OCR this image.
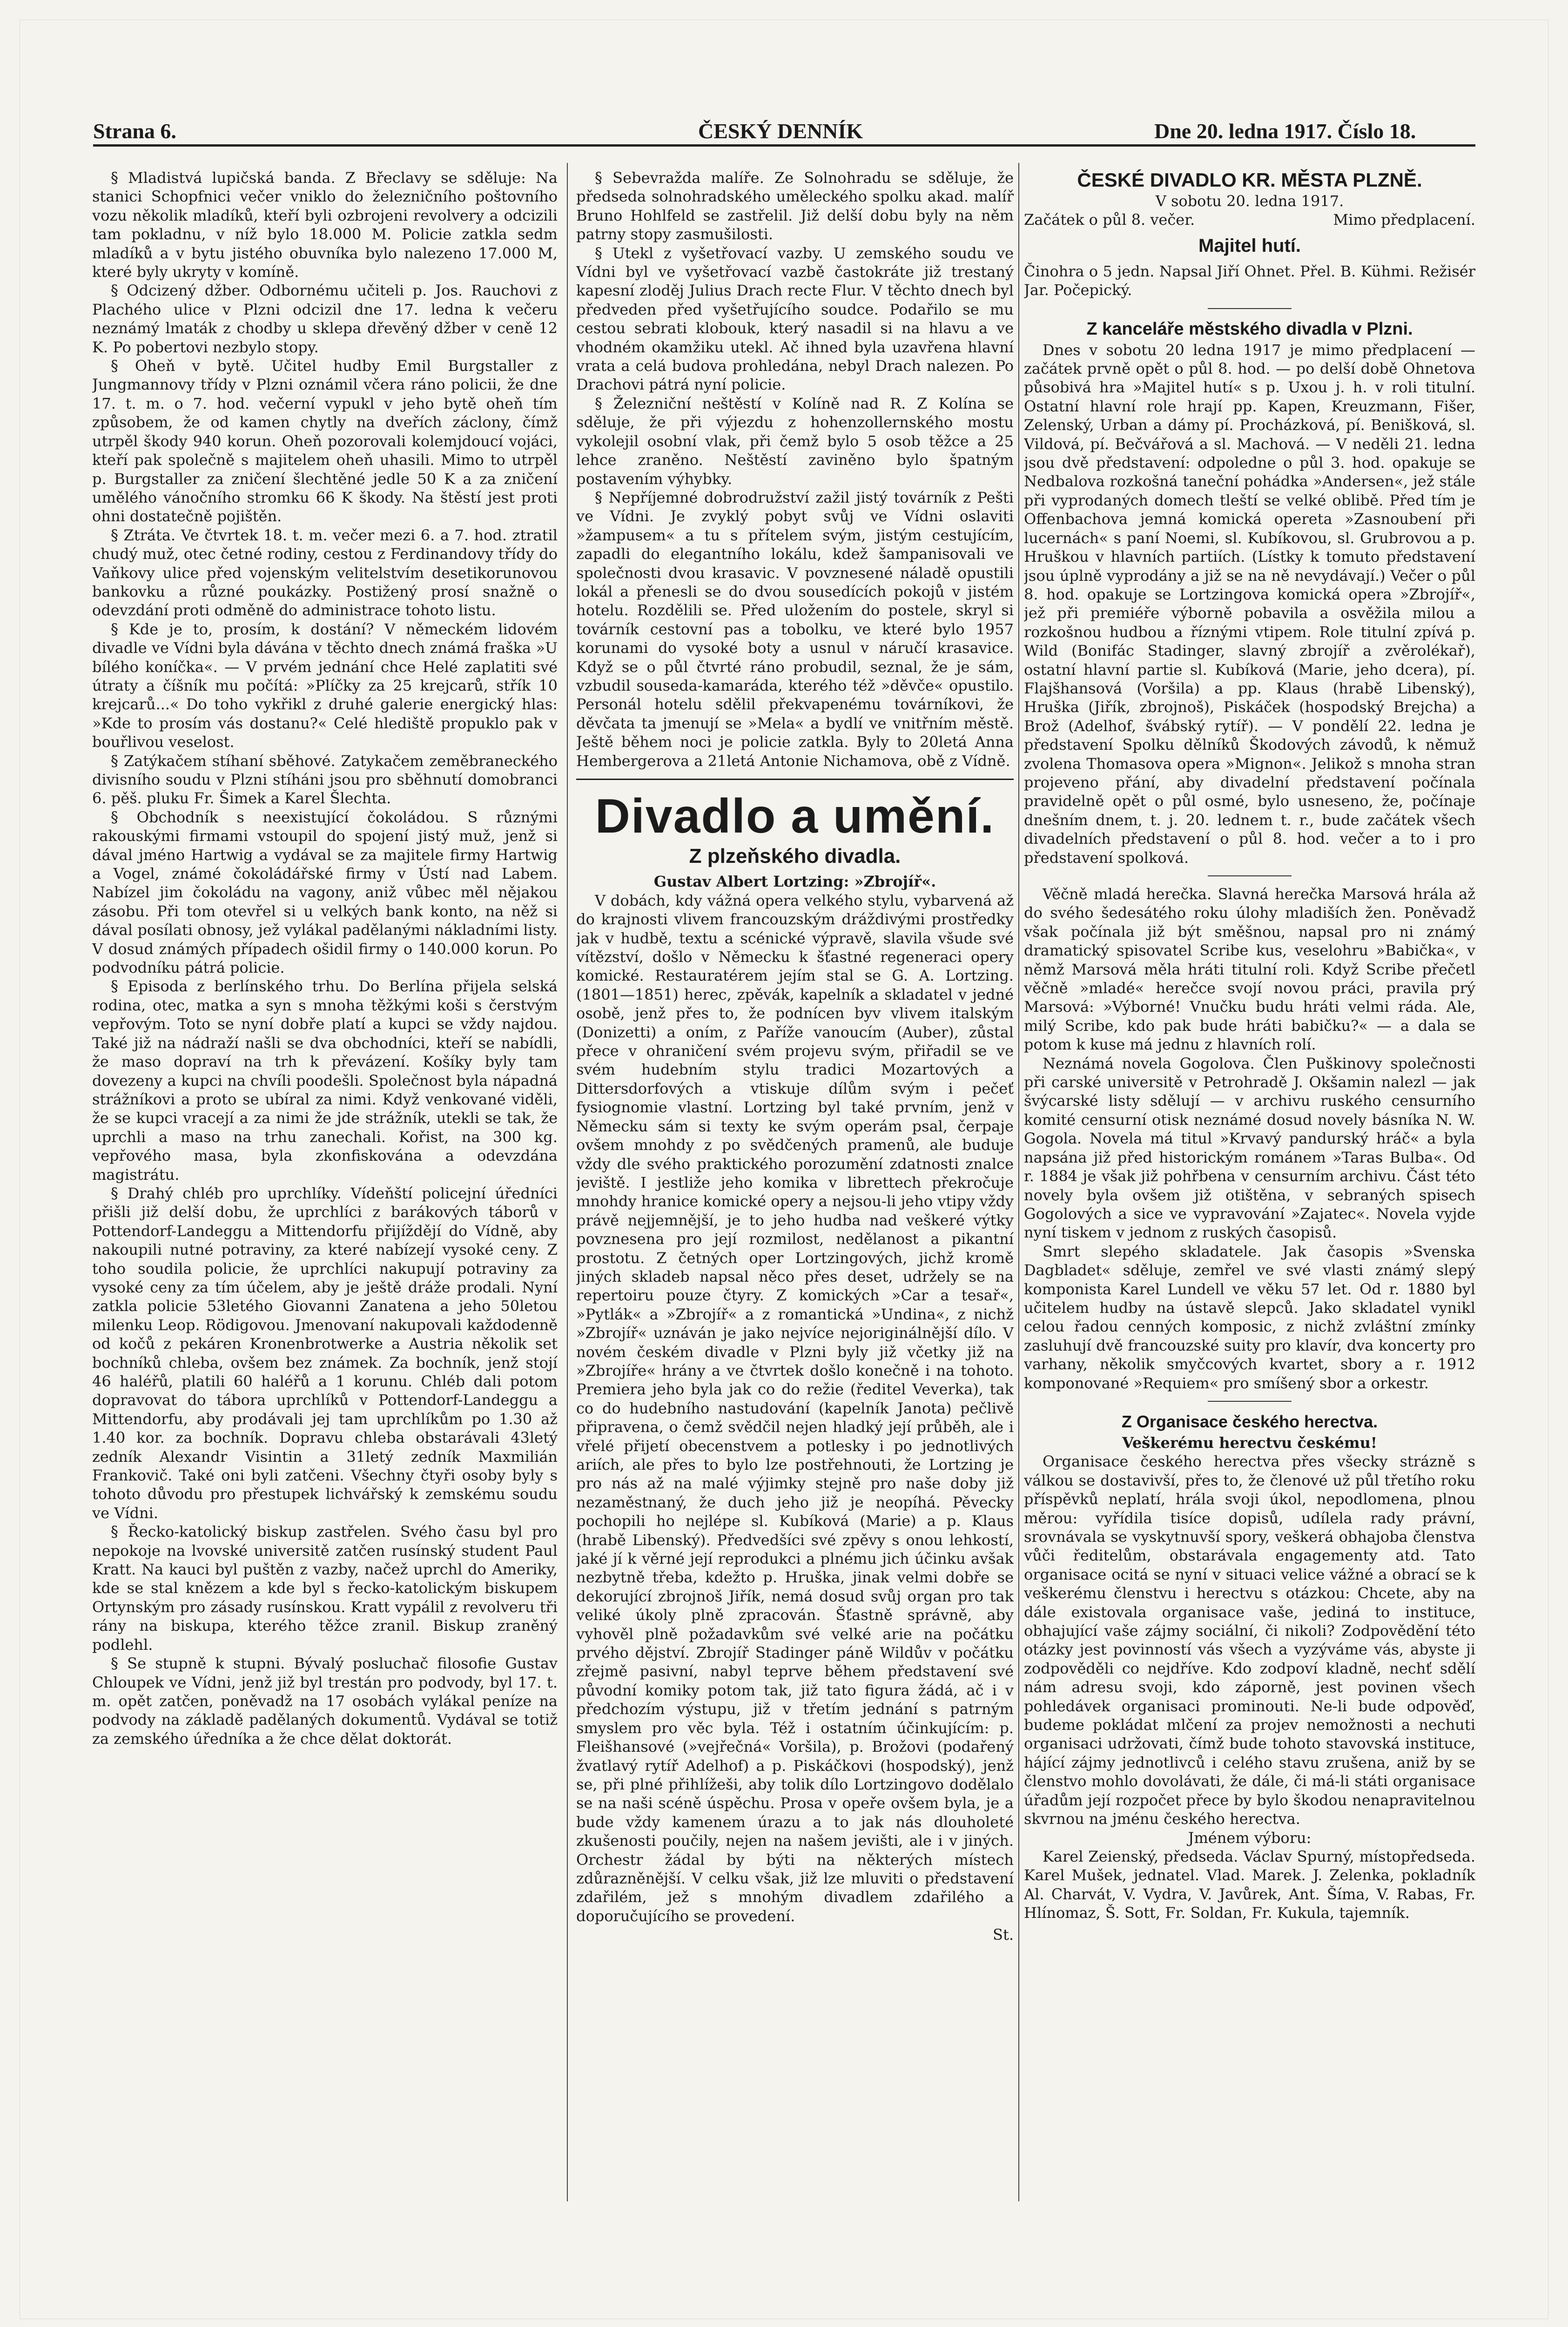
Strana 6.	ČESKÝ DENNÍK	Dne 20. ledna 1917. Číslo 18.

§ Mladistvá lupičská banda. Z Břeclavy se sděluje: Na stanici Schopfnici večer vniklo do železničního poštovního vozu několik mladíků, kteří byli ozbrojeni revolvery a odcizili tam pokladnu, v níž bylo 18.000 M. Policie zatkla sedm mladíků a v bytu jistého obuvníka bylo nalezeno 17.000 M, které byly ukryty v komíně.

§ Odcizený džber. Odbornému učiteli p. Jos. Rauchovi z Plachého ulice v Plzni odcizil dne 17. ledna k večeru neznámý lmaták z chodby u sklepa dřevěný džber v ceně 12 K. Po pobertovi nezbylo stopy.

§ Oheň v bytě. Učitel hudby Emil Burgstaller z Jungmannovy třídy v Plzni oznámil včera ráno policii, že dne 17. t. m. o 7. hod. večerní vypukl v jeho bytě oheň tím způsobem, že od kamen chytly na dveřích záclony, čímž utrpěl škody 940 korun. Oheň pozorovali kolemjdoucí vojáci, kteří pak společně s majitelem oheň uhasili. Mimo to utrpěl p. Burgstaller za zničení šlechtěné jedle 50 K a za zničení umělého vánočního stromku 66 K škody. Na štěstí jest proti ohni dostatečně pojištěn.

§ Ztráta. Ve čtvrtek 18. t. m. večer mezi 6. a 7. hod. ztratil chudý muž, otec četné rodiny, cestou z Ferdinandovy třídy do Vaňkovy ulice před vojenským velitelstvím desetikorunovou bankovku a různé poukázky. Postižený prosí snažně o odevzdání proti odměně do administrace tohoto listu.

§ Kde je to, prosím, k dostání? V německém lidovém divadle ve Vídni byla dávána v těchto dnech známá fraška »U bílého koníčka«. — V prvém jednání chce Helé zaplatiti své útraty a číšník mu počítá: »Plíčky za 25 krejcarů, střík 10 krejcarů...« Do toho vykřikl z druhé galerie energický hlas: »Kde to prosím vás dostanu?« Celé hlediště propuklo pak v bouřlivou veselost.

§ Zatýkačem stíhaní sběhové. Zatykačem zeměbraneckého divisního soudu v Plzni stíháni jsou pro sběhnutí domobranci 6. pěš. pluku Fr. Šimek a Karel Šlechta.

§ Obchodník s neexistující čokoládou. S různými rakouskými firmami vstoupil do spojení jistý muž, jenž si dával jméno Hartwig a vydával se za majitele firmy Hartwig a Vogel, známé čokoládářské firmy v Ústí nad Labem. Nabízel jim čokoládu na vagony, aniž vůbec měl nějakou zásobu. Při tom otevřel si u velkých bank konto, na něž si dával posílati obnosy, jež vylákal padělanými nákladními listy. V dosud známých případech ošidil firmy o 140.000 korun. Po podvodníku pátrá policie.

§ Episoda z berlínského trhu. Do Berlína přijela selská rodina, otec, matka a syn s mnoha těžkými koši s čerstvým vepřovým. Toto se nyní dobře platí a kupci se vždy najdou. Také již na nádraží našli se dva obchodníci, kteří se nabídli, že maso dopraví na trh k převázení. Košíky byly tam dovezeny a kupci na chvíli poodešli. Společnost byla nápadná strážníkovi a proto se ubíral za nimi. Když venkované viděli, že se kupci vracejí a za nimi že jde strážník, utekli se tak, že uprchli a maso na trhu zanechali. Kořist, na 300 kg. vepřového masa, byla zkonfiskována a odevzdána magistrátu.

§ Drahý chléb pro uprchlíky. Vídeňští policejní úředníci přišli již delší dobu, že uprchlíci z barákových táborů v Pottendorf-Landeggu a Mittendorfu přijíždějí do Vídně, aby nakoupili nutné potraviny, za které nabízejí vysoké ceny. Z toho soudila policie, že uprchlíci nakupují potraviny za vysoké ceny za tím účelem, aby je ještě dráže prodali. Nyní zatkla policie 53letého Giovanni Zanatena a jeho 50letou milenku Leop. Rödigovou. Jmenovaní nakupovali každodenně od kočů z pekáren Kronenbrotwerke a Austria několik set bochníků chleba, ovšem bez známek. Za bochník, jenž stojí 46 haléřů, platili 60 haléřů a 1 korunu. Chléb dali potom dopravovat do tábora uprchlíků v Pottendorf-Landeggu a Mittendorfu, aby prodávali jej tam uprchlíkům po 1.30 až 1.40 kor. za bochník. Dopravu chleba obstarávali 43letý zedník Alexandr Visintin a 31letý zedník Maxmilián Frankovič. Také oni byli zatčeni. Všechny čtyři osoby byly s tohoto důvodu pro přestupek lichvářský k zemskému soudu ve Vídni.

§ Řecko-katolický biskup zastřelen. Svého času byl pro nepokoje na lvovské universitě zatčen rusínský student Paul Kratt. Na kauci byl puštěn z vazby, načež uprchl do Ameriky, kde se stal knězem a kde byl s řecko-katolickým biskupem Ortynským pro zásady rusínskou. Kratt vypálil z revolveru tři rány na biskupa, kterého těžce zranil. Biskup zraněný podlehl.

§ Se stupně k stupni. Bývalý posluchač filosofie Gustav Chloupek ve Vídni, jenž již byl trestán pro podvody, byl 17. t. m. opět zatčen, poněvadž na 17 osobách vylákal peníze na podvody na základě padělaných dokumentů. Vydával se totiž za zemského úředníka a že chce dělat doktorát.

§ Sebevražda malíře. Ze Solnohradu se sděluje, že předseda solnohradského uměleckého spolku akad. malíř Bruno Hohlfeld se zastřelil. Již delší dobu byly na něm patrny stopy zasmušilosti.

§ Utekl z vyšetřovací vazby. U zemského soudu ve Vídni byl ve vyšetřovací vazbě častokráte již trestaný kapesní zloděj Julius Drach recte Flur. V těchto dnech byl předveden před vyšetřujícího soudce. Podařilo se mu cestou sebrati klobouk, který nasadil si na hlavu a ve vhodném okamžiku utekl. Ač ihned byla uzavřena hlavní vrata a celá budova prohledána, nebyl Drach nalezen. Po Drachovi pátrá nyní policie.

§ Železniční neštěstí v Kolíně nad R. Z Kolína se sděluje, že při výjezdu z hohenzollernského mostu vykolejil osobní vlak, při čemž bylo 5 osob těžce a 25 lehce zraněno. Neštěstí zaviněno bylo špatným postavením výhybky.

§ Nepříjemné dobrodružství zažil jistý továrník z Pešti ve Vídni. Je zvyklý pobyt svůj ve Vídni oslaviti »žampusem« a tu s přítelem svým, jistým cestujícím, zapadli do elegantního lokálu, kdež šampanisovali ve společnosti dvou krasavic. V povznesené náladě opustili lokál a přenesli se do dvou sousedících pokojů v jistém hotelu. Rozdělili se. Před uložením do postele, skryl si továrník cestovní pas a tobolku, ve které bylo 1957 korunami do vysoké boty a usnul v náručí krasavice. Když se o půl čtvrté ráno probudil, seznal, že je sám, vzbudil souseda-kamaráda, kterého též »děvče« opustilo. Personál hotelu sdělil překvapenému továrníkovi, že děvčata ta jmenují se »Mela« a bydlí ve vnitřním městě. Ještě během noci je policie zatkla. Byly to 20letá Anna Hembergerova a 21letá Antonie Nichamova, obě z Vídně.

Divadlo a umění.
Z plzeňského divadla.

Gustav Albert Lortzing: »Zbrojíř«.

V dobách, kdy vážná opera velkého stylu, vybarvená až do krajnosti vlivem francouzským dráždivými prostředky jak v hudbě, textu a scénické výpravě, slavila všude své vítězství, došlo v Německu k šťastné regeneraci opery komické. Restauratérem jejím stal se G. A. Lortzing. (1801—1851) herec, zpěvák, kapelník a skladatel v jedné osobě, jenž přes to, že podnícen byv vlivem italským (Donizetti) a oním, z Paříže vanoucím (Auber), zůstal přece v ohraničení svém projevu svým, přiřadil se ve svém hudebním stylu tradici Mozartových a Dittersdorfových a vtiskuje dílům svým i pečeť fysiognomie vlastní. Lortzing byl také prvním, jenž v Německu sám si texty ke svým operám psal, čerpaje ovšem mnohdy z po svědčených pramenů, ale buduje vždy dle svého praktického porozumění zdatnosti znalce jeviště. I jestliže jeho komika v librettech překročuje mnohdy hranice komické opery a nejsou-li jeho vtipy vždy právě nejjemnější, je to jeho hudba nad veškeré výtky povznesena pro její rozmilost, nedělanost a pikantní prostotu. Z četných oper Lortzingových, jichž kromě jiných skladeb napsal něco přes deset, udržely se na repertoiru pouze čtyry. Z komických »Car a tesař«, »Pytlák« a »Zbrojíř« a z romantická »Undina«, z nichž »Zbrojíř« uznáván je jako nejvíce nejoriginálnější dílo. V novém českém divadle v Plzni byly již včetky již na »Zbrojíře« hrány a ve čtvrtek došlo konečně i na tohoto. Premiera jeho byla jak co do režie (ředitel Veverka), tak co do hudebního nastudování (kapelník Janota) pečlivě připravena, o čemž svědčil nejen hladký její průběh, ale i vřelé přijetí obecenstvem a potlesky i po jednotlivých ariích, ale přes to bylo lze postřehnouti, že Lortzing je pro nás až na malé výjimky stejně pro naše doby již nezaměstnaný, že duch jeho již je neopíhá. Pěvecky pochopili ho nejlépe sl. Kubíková (Marie) a p. Klaus (hrabě Libenský). Předvedšíci své zpěvy s onou lehkostí, jaké jí k věrné její reprodukci a plnému jich účinku avšak nezbytně třeba, kdežto p. Hruška, jinak velmi dobře se dekorující zbrojnoš Jiřík, nemá dosud svůj organ pro tak veliké úkoly plně zpracován. Šťastně správně, aby vyhověl plně požadavkům své velké arie na počátku prvého dějství. Zbrojíř Stadinger páně Wildův v počátku zřejmě pasivní, nabyl teprve během představení své původní komiky potom tak, již tato figura žádá, ač i v předchozím výstupu, již v třetím jednání s patrným smyslem pro věc byla. Též i ostatním účinkujícím: p. Fleišhansové (»vejřečná« Voršila), p. Brožovi (podařený žvatlavý rytíř Adelhof) a p. Piskáčkovi (hospodský), jenž se, při plné přihlížeši, aby tolik dílo Lortzingovo dodělalo se na naši scéně úspěchu. Prosa v opeře ovšem byla, je a bude vždy kamenem úrazu a to jak nás dlouholeté zkušenosti poučily, nejen na našem jevišti, ale i v jiných. Orchestr žádal by býti na některých místech zdůrazněnější. V celku však, již lze mluviti o představení zdařilém, jež s mnohým divadlem zdařilého a doporučujícího se provedení.

St.

ČESKÉ DIVADLO KR. MĚSTA PLZNĚ.

V sobotu 20. ledna 1917.

Začátek o půl 8. večer.	Mimo předplacení.
Majitel hutí.

Činohra o 5 jedn. Napsal Jiří Ohnet. Přel. B. Kühmi. Režisér Jar. Počepický.

Z kanceláře městského divadla v Plzni.

Dnes v sobotu 20 ledna 1917 je mimo předplacení — začátek prvně opět o půl 8. hod. — po delší době Ohnetova působivá hra »Majitel hutí« s p. Uxou j. h. v roli titulní. Ostatní hlavní role hrají pp. Kapen, Kreuzmann, Fišer, Zelenský, Urban a dámy pí. Procházková, pí. Benišková, sl. Vildová, pí. Bečvářová a sl. Machová. — V neděli 21. ledna jsou dvě představení: odpoledne o půl 3. hod. opakuje se Nedbalova rozkošná taneční pohádka »Andersen«, jež stále při vyprodaných domech tleští se velké oblibě. Před tím je Offenbachova jemná komická opereta »Zasnoubení při lucernách« s paní Noemi, sl. Kubíkovou, sl. Grubrovou a p. Hruškou v hlavních partiích. (Lístky k tomuto představení jsou úplně vyprodány a již se na ně nevydávají.) Večer o půl 8. hod. opakuje se Lortzingova komická opera »Zbrojíř«, jež při premiéře výborně pobavila a osvěžila milou a rozkošnou hudbou a říznými vtipem. Role titulní zpívá p. Wild (Bonifác Stadinger, slavný zbrojíř a zvěrolékař), ostatní hlavní partie sl. Kubíková (Marie, jeho dcera), pí. Flajšhansová (Voršila) a pp. Klaus (hrabě Libenský), Hruška (Jiřík, zbrojnoš), Piskáček (hospodský Brejcha) a Brož (Adelhof, švábský rytíř). — V pondělí 22. ledna je představení Spolku dělníků Škodových závodů, k němuž zvolena Thomasova opera »Mignon«. Jelikož s mnoha stran projeveno přání, aby divadelní představení počínala pravidelně opět o půl osmé, bylo usneseno, že, počínaje dnešním dnem, t. j. 20. lednem t. r., bude začátek všech divadelních představení o půl 8. hod. večer a to i pro představení spolková.

Věčně mladá herečka. Slavná herečka Marsová hrála až do svého šedesátého roku úlohy mladiších žen. Poněvadž však počínala již být směšnou, napsal pro ni známý dramatický spisovatel Scribe kus, veselohru »Babička«, v němž Marsová měla hráti titulní roli. Když Scribe přečetl věčně »mladé« herečce svojí novou práci, pravila prý Marsová: »Výborné! Vnučku budu hráti velmi ráda. Ale, milý Scribe, kdo pak bude hráti babičku?« — a dala se potom k kuse má jednu z hlavních rolí.

Neznámá novela Gogolova. Člen Puškinovy společnosti při carské universitě v Petrohradě J. Okšamin nalezl — jak švýcarské listy sdělují — v archivu ruského censurního komité censurní otisk neznámé dosud novely básníka N. W. Gogola. Novela má titul »Krvavý pandurský hráč« a byla napsána již před historickým románem »Taras Bulba«. Od r. 1884 je však již pohřbena v censurním archivu. Část této novely byla ovšem již otištěna, v sebraných spisech Gogolových a sice ve vypravování »Zajatec«. Novela vyjde nyní tiskem v jednom z ruských časopisů.

Smrt slepého skladatele. Jak časopis »Svenska Dagbladet« sděluje, zemřel ve své vlasti známý slepý komponista Karel Lundell ve věku 57 let. Od r. 1880 byl učitelem hudby na ústavě slepců. Jako skladatel vynikl celou řadou cenných komposic, z nichž zvláštní zmínky zasluhují dvě francouzské suity pro klavír, dva koncerty pro varhany, několik smyčcových kvartet, sbory a r. 1912 komponované »Requiem« pro smíšený sbor a orkestr.

Z Organisace českého herectva.

Veškerému herectvu českému!

Organisace českého herectva přes všecky strázně s válkou se dostavivší, přes to, že členové už půl třetího roku příspěvků neplatí, hrála svoji úkol, nepodlomena, plnou měrou: vyřídila tisíce dopisů, udílela rady právní, srovnávala se vyskytnuvší spory, veškerá obhajoba členstva vůči ředitelům, obstarávala engagementy atd. Tato organisace ocitá se nyní v situaci velice vážné a obrací se k veškerému členstvu i herectvu s otázkou: Chcete, aby na dále existovala organisace vaše, jediná to instituce, obhajující vaše zájmy sociální, či nikoli? Zodpovědění této otázky jest povinností vás všech a vyzýváme vás, abyste ji zodpověděli co nejdříve. Kdo zodpoví kladně, nechť sdělí nám adresu svoji, kdo záporně, jest povinen všech pohledávek organisaci prominouti. Ne-li bude odpověď, budeme pokládat mlčení za projev nemožnosti a nechuti organisaci udržovati, čímž bude tohoto stavovská instituce, hájící zájmy jednotlivců i celého stavu zrušena, aniž by se členstvo mohlo dovolávati, že dále, či má-li státi organisace úřadům její rozpočet přece by bylo škodou nenapravitelnou skvrnou na jménu českého herectva.

Jménem výboru:

Karel Zeienský, předseda. Václav Spurný, místopředseda. Karel Mušek, jednatel. Vlad. Marek. J. Zelenka, pokladník Al. Charvát, V. Vydra, V. Javůrek, Ant. Šíma, V. Rabas, Fr. Hlínomaz, Š. Sott, Fr. Soldan, Fr. Kukula, tajemník.
